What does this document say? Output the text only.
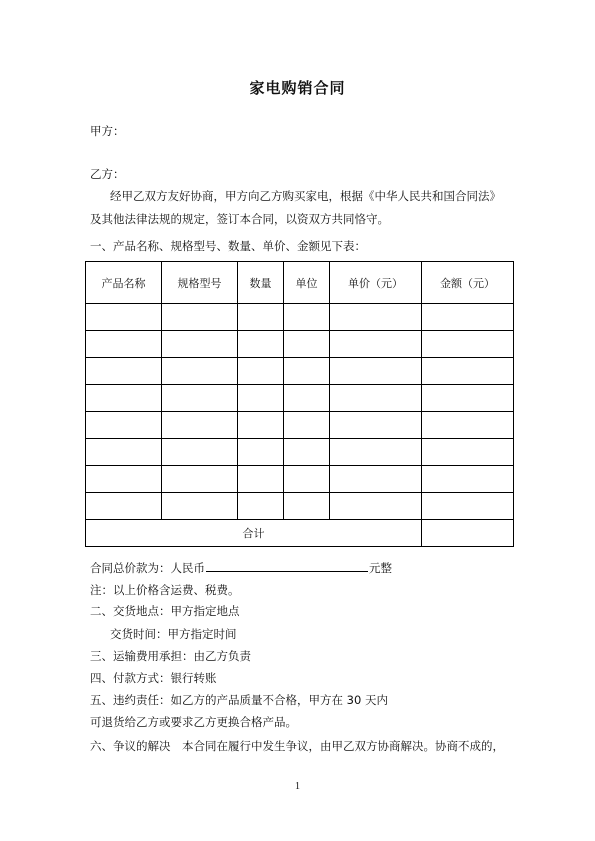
家电购销合同
甲方：
乙方：
经甲乙双方友好协商，甲方向乙方购买家电，根据《中华人民共和国合同法》
及其他法律法规的规定，签订本合同，以资双方共同恪守。
一、产品名称、规格型号、数量、单价、金额见下表：
产品名称	规格型号	数量	单位	单价（元）	金额（元）

合计					
合同总价款为：人民币	元整
注：以上价格含运费、税费。
二、交货地点：甲方指定地点
交货时间：甲方指定时间
三、运输费用承担：由乙方负责
四、付款方式：银行转账
五、违约责任：如乙方的产品质量不合格，甲方在 30 天内
可退货给乙方或要求乙方更换合格产品。
六、争议的解决　本合同在履行中发生争议，由甲乙双方协商解决。协商不成的，
1
